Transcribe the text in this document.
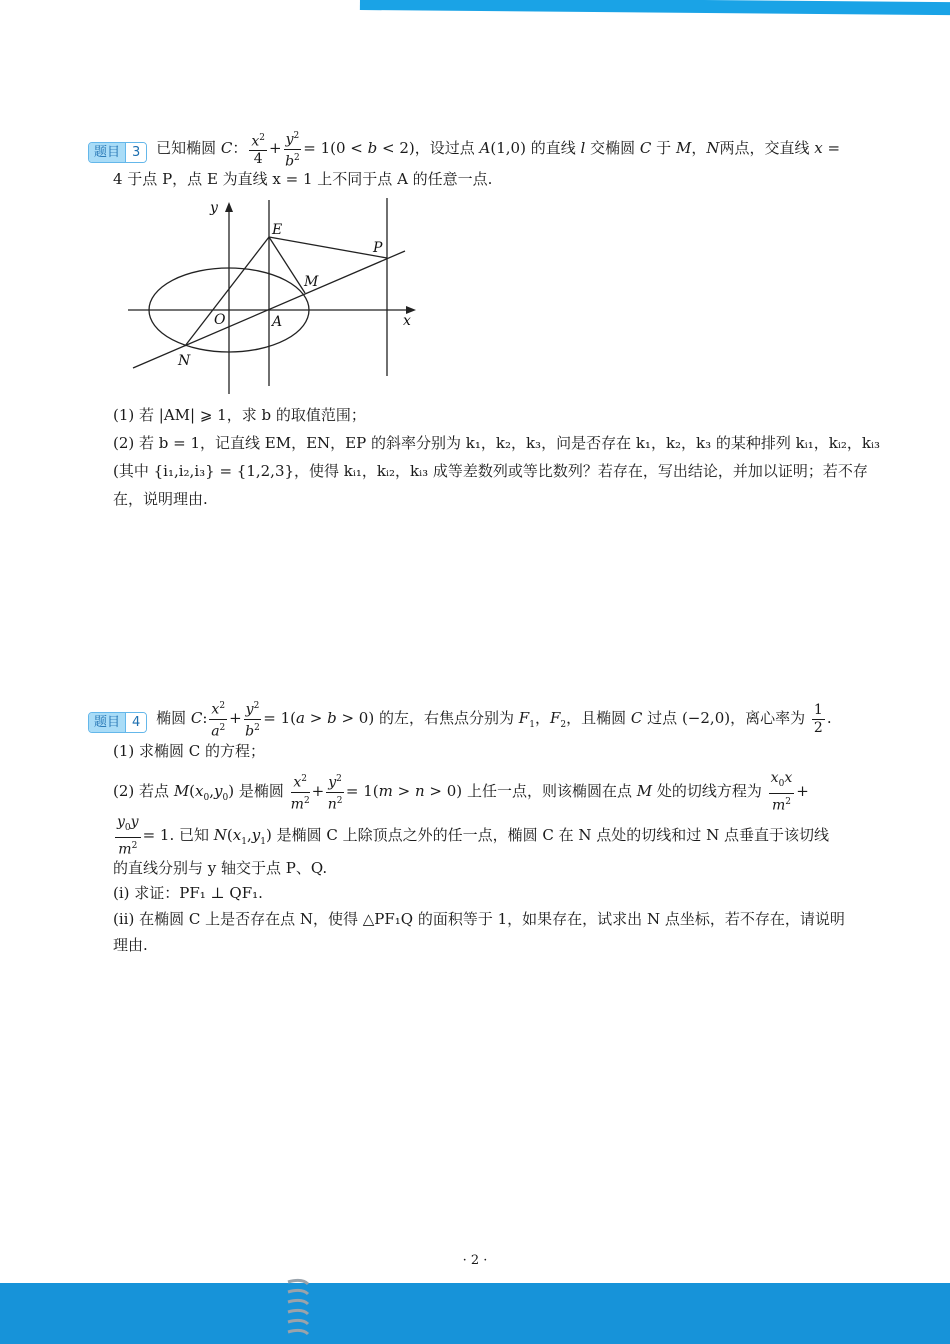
题目 3	已知椭圆 C： $\frac{x^2}{4} + \frac{y^2}{b^2} = 1(0 < b < 2)$，设过点 A(1,0) 的直线 l 交椭圆 C 于 M，N两点，交直线 x =
4 于点 P，点 E 为直线 x = 1 上不同于点 A 的任意一点.
y
x
E
P
M
O	A
N
(1) 若 |AM| ⩾ 1，求 b 的取值范围；
(2) 若 b = 1，记直线 EM，EN，EP 的斜率分别为 k₁，k₂，k₃，问是否存在 k₁，k₂，k₃ 的某种排列 kᵢ₁，kᵢ₂，kᵢ₃
(其中 {i₁,i₂,i₃} = {1,2,3}，使得 kᵢ₁，kᵢ₂，kᵢ₃ 成等差数列或等比数列？若存在，写出结论，并加以证明；若不存
在，说明理由.
题目 4	椭圆 C: $\frac{x^2}{a^2} + \frac{y^2}{b^2} = 1(a > b > 0)$ 的左，右焦点分别为 $F_1$，$F_2$，且椭圆 C 过点 (−2,0)，离心率为 $\frac{1}{2}$ .
(1) 求椭圆 C 的方程；
(2) 若点 $M(x_0,y_0)$ 是椭圆 $\frac{x^2}{m^2} + \frac{y^2}{n^2} = 1(m > n > 0)$ 上任一点，则该椭圆在点 M 处的切线方程为 $\frac{x_0x}{m^2}$ +
$\frac{y_0y}{m^2} = 1$. 已知 $N(x_1,y_1)$ 是椭圆 C 上除顶点之外的任一点，椭圆 C 在 N 点处的切线和过 N 点垂直于该切线
的直线分别与 y 轴交于点 P、Q.
(i) 求证：PF₁ ⊥ QF₁.
(ii) 在椭圆 C 上是否存在点 N，使得 △PF₁Q 的面积等于 1，如果存在，试求出 N 点坐标，若不存在，请说明
理由.
· 2 ·
